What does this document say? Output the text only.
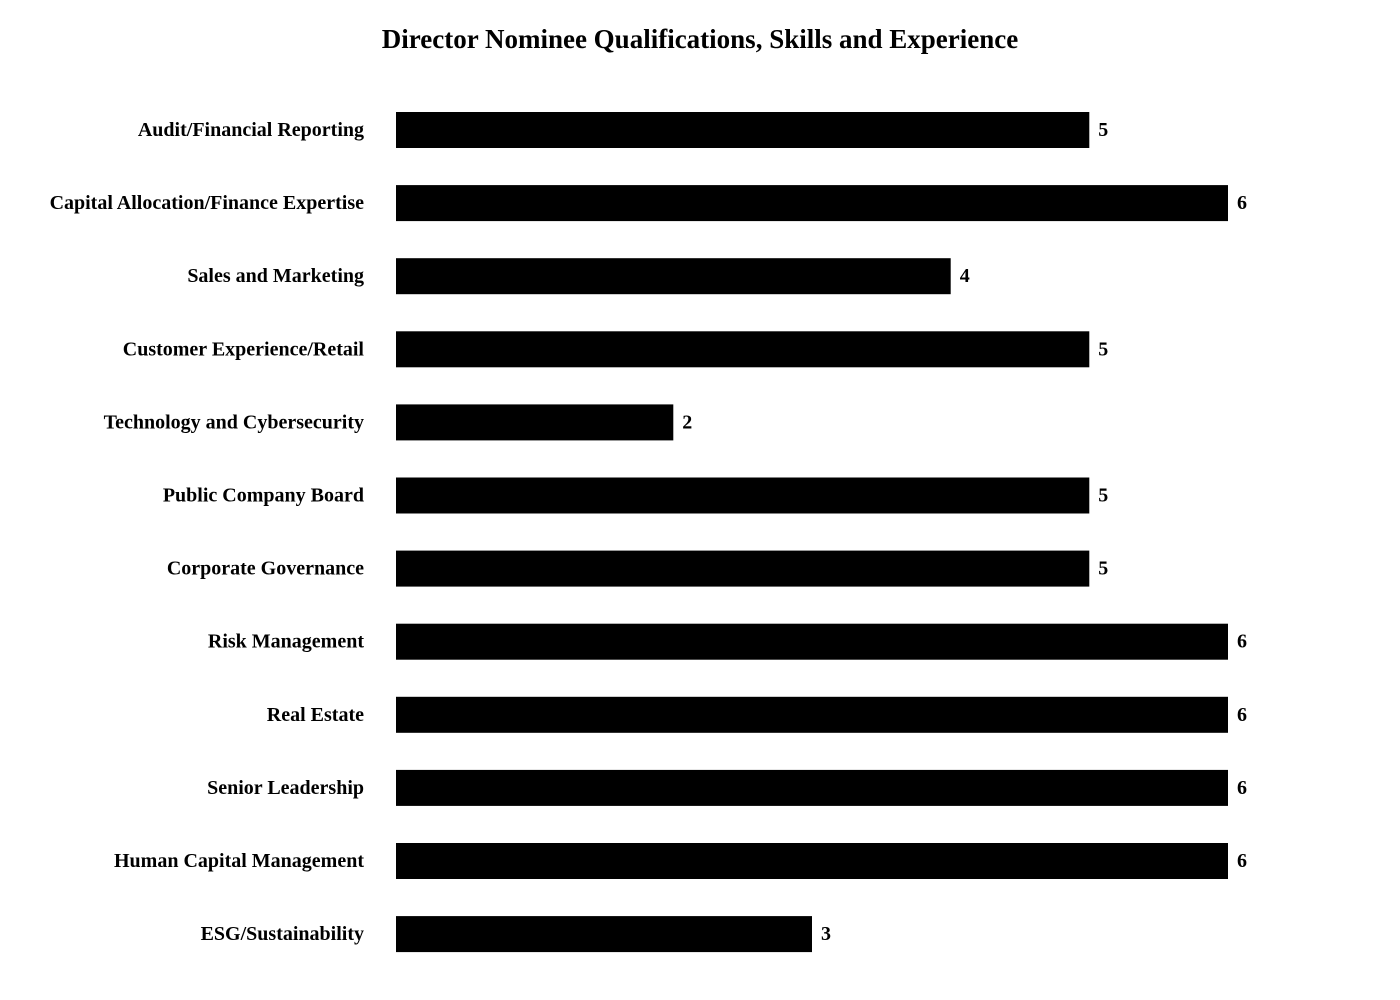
Director Nominee Qualifications, Skills and Experience
Audit/Financial Reporting
Capital Allocation/Finance Expertise
Sales and Marketing
Customer Experience/Retail
Technology and Cybersecurity
Public Company Board
Corporate Governance
Risk Management
Real Estate
Senior Leadership
Human Capital Management
ESG/Sustainability
5
6
4
5
2
5
5
6
6
6
6
3
